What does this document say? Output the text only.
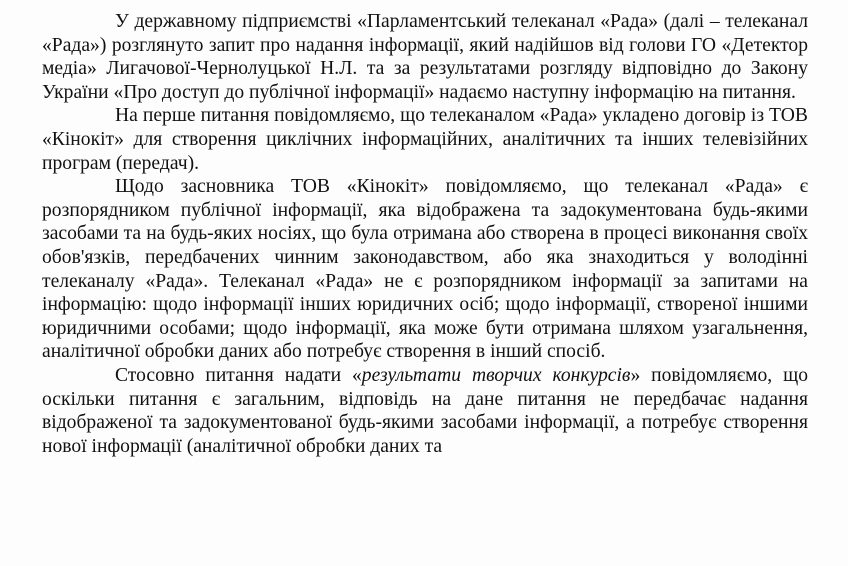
У державному підприємстві «Парламентський телеканал «Рада» (далі – телеканал «Рада») розглянуто запит про надання інформації, який надійшов від голови ГО «Детектор медіа» Лигачової-Чернолуцької Н.Л. та за результатами розгляду відповідно до Закону України «Про доступ до публічної інформації» надаємо наступну інформацію на питання.

На перше питання повідомляємо, що телеканалом «Рада» укладено договір із ТОВ «Кінокіт» для створення циклічних інформаційних, аналітичних та інших телевізійних програм (передач).

Щодо засновника ТОВ «Кінокіт» повідомляємо, що телеканал «Рада» є розпорядником публічної інформації, яка відображена та задокументована будь-якими засобами та на будь-яких носіях, що була отримана або створена в процесі виконання своїх обов'язків, передбачених чинним законодавством, або яка знаходиться у володінні телеканалу «Рада». Телеканал «Рада» не є розпорядником інформації за запитами на інформацію: щодо інформації інших юридичних осіб; щодо інформації, створеної іншими юридичними особами; щодо інформації, яка може бути отримана шляхом узагальнення, аналітичної обробки даних або потребує створення в інший спосіб.

Стосовно питання надати «результати творчих конкурсів» повідомляємо, що оскільки питання є загальним, відповідь на дане питання не передбачає надання відображеної та задокументованої будь-якими засобами інформації, а потребує створення нової інформації (аналітичної обробки даних та
